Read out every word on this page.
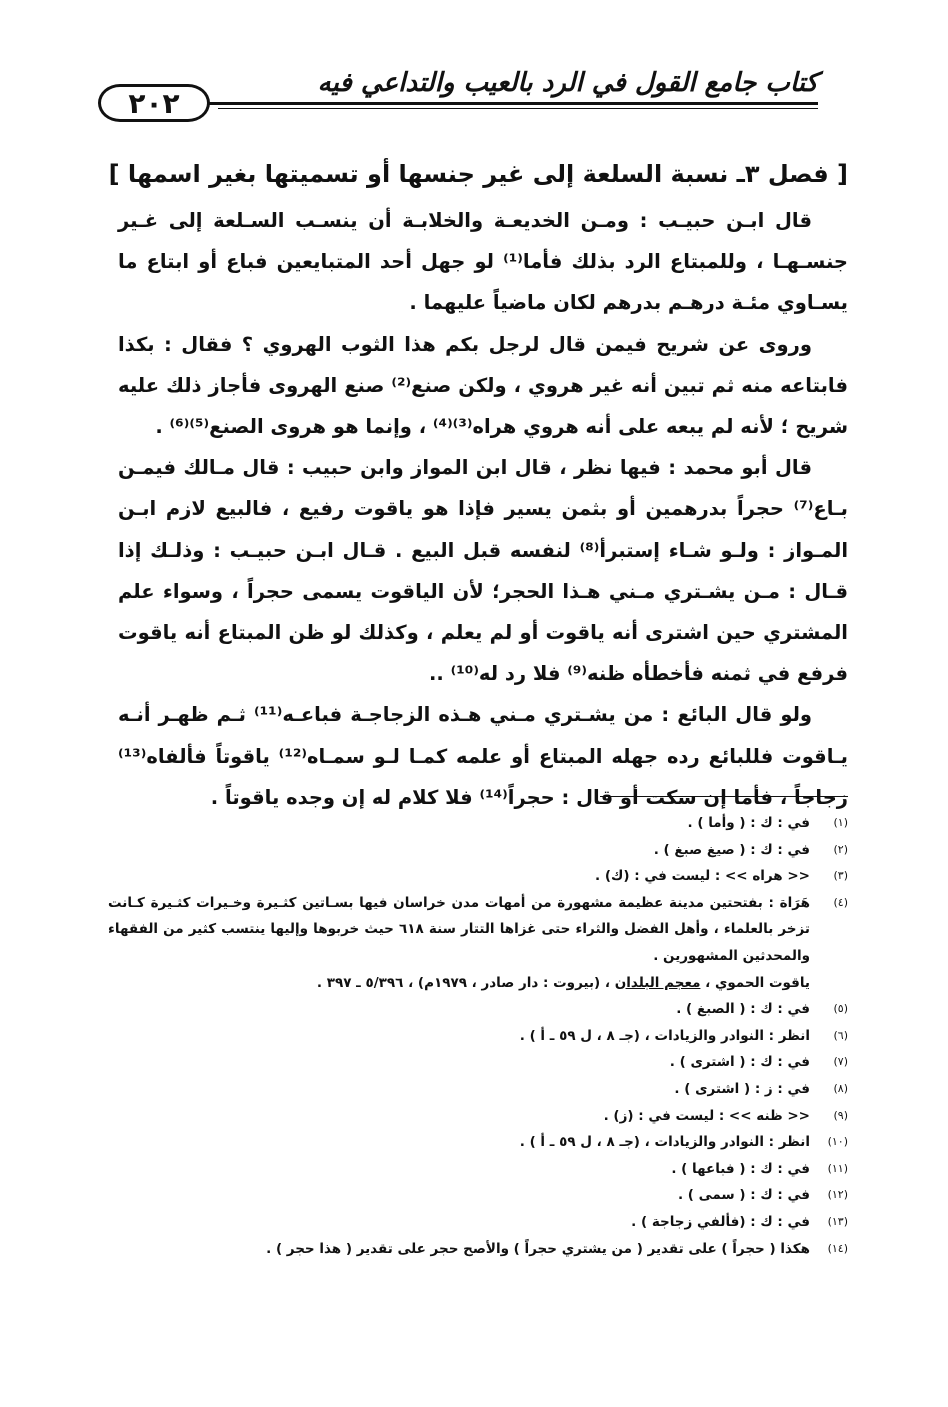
كتاب جامع القول في الرد بالعيب والتداعي فيه
٢٠٢
[ فصل ٣ـ نسبة السلعة إلى غير جنسها أو تسميتها بغير اسمها ]

قال ابـن حبيـب : ومـن الخديعـة والخلابـة أن ينسـب السـلعة إلى غـير جنسـهـا ، وللمبتاع الرد بذلك فأما⁽¹⁾ لو جهل أحد المتبايعين فباع أو ابتاع ما يسـاوي مئـة درهـم بدرهم لكان ماضياً عليهما .

وروى عن شريح فيمن قال لرجل بكم هذا الثوب الهروي ؟ فقال : بكذا فابتاعه منه ثم تبين أنه غير هروي ، ولكن صنع⁽²⁾ صنع الهروى فأجاز ذلك عليه شريح ؛ لأنه لم يبعه على أنه هروي هراه⁽³⁾⁽⁴⁾ ، وإنما هو هروى الصنع⁽⁵⁾⁽⁶⁾ .

قال أبو محمد : فيها نظر ، قال ابن المواز وابن حبيب : قال مـالك فيمـن بـاع⁽⁷⁾ حجراً بدرهمين أو بثمن يسير فإذا هو ياقوت رفيع ، فالبيع لازم ابـن المـواز : ولـو شـاء إستبرأ⁽⁸⁾ لنفسه قبل البيع . قـال ابـن حبيـب : وذلـك إذا قـال : مـن يشـتري مـني هـذا الحجر؛ لأن الياقوت يسمى حجراً ، وسواء علم المشتري حين اشترى أنه ياقوت أو لم يعلم ، وكذلك لو ظن المبتاع أنه ياقوت فرفع في ثمنه فأخطأه ظنه⁽⁹⁾ فلا رد له⁽¹⁰⁾ ..

ولو قال البائع : من يشـتري مـني هـذه الزجاجـة فباعـه⁽¹¹⁾ ثـم ظهـر أنـه يـاقوت فللبائع رده جهله المبتاع أو علمه كمـا لـو سمـاه⁽¹²⁾ ياقوتاً فألفاه⁽¹³⁾ زجاجاً ، فأما إن سكت أو قال : حجراً⁽¹⁴⁾ فلا كلام له إن وجده ياقوتاً .

(١)
في : ك : ( وأما ) .
(٢)
في : ك : ( صيغ صبغ ) .
(٣)
<< هراه >> : ليست في : (ك) .
(٤)
هَرَاة : بفتحتين مدينة عظيمة مشهورة من أمهات مدن خراسان فيها بسـاتين كثـيرة وخـيرات كثـيرة كـانت تزخر بالعلماء ، وأهل الفضل والثراء حتى غزاها التتار سنة ٦١٨ حيث خربوها وإليها ينتسب كثير من الفقهاء والمحدثين المشهورين .
ياقوت الحموي ، معجم البلدان ، (بيروت : دار صادر ، ١٩٧٩م) ، ٥/٣٩٦ ـ ٣٩٧ .
(٥)
في : ك : ( الصبغ ) .
(٦)
انظر : النوادر والزيادات ، (جـ ٨ ، ل ٥٩ ـ أ ) .
(٧)
في : ك : ( اشترى ) .
(٨)
في : ز : ( اشترى ) .
(٩)
<< ظنه >> : ليست في : (ز) .
(١٠)
انظر : النوادر والزيادات ، (جـ ٨ ، ل ٥٩ ـ أ ) .
(١١)
في : ك : ( فباعها ) .
(١٢)
في : ك : ( سمى ) .
(١٣)
في : ك : (فألفي زجاجة ) .
(١٤)
هكذا ( حجراً ) على تقدير ( من يشتري حجراً ) والأصح حجر على تقدير ( هذا حجر ) .
